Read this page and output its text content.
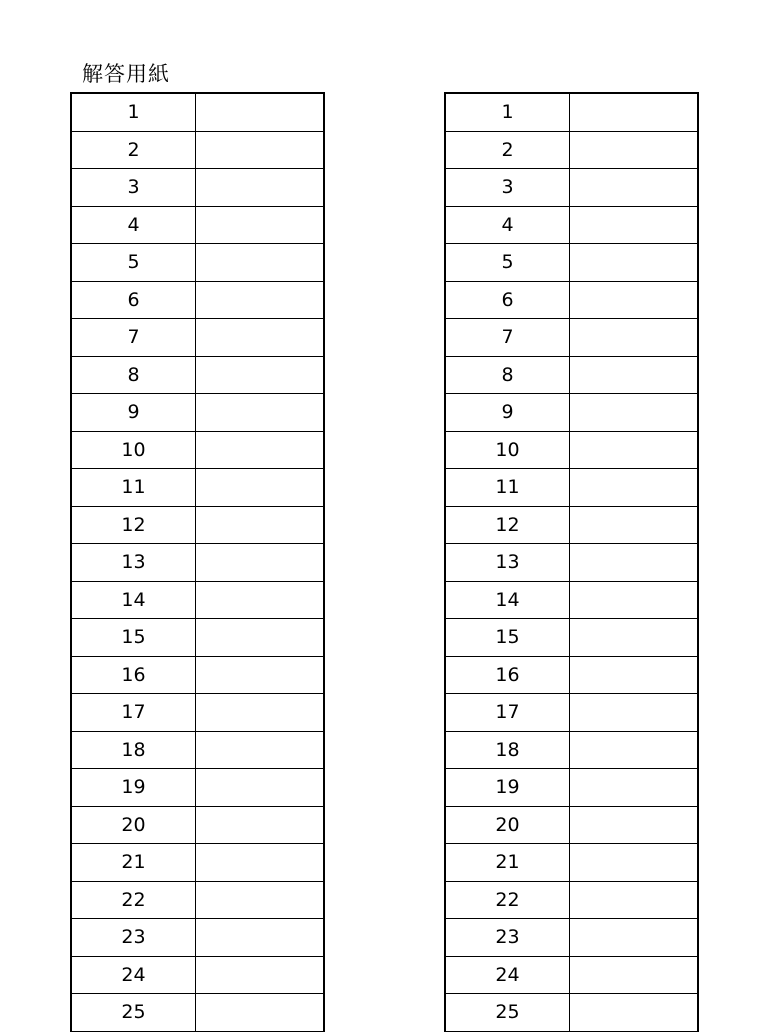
解答用紙
1
2
3
4
5
6
7
8
9
10
11
12
13
14
15
16
17
18
19
20
21
22
23
24
25
1
2
3
4
5
6
7
8
9
10
11
12
13
14
15
16
17
18
19
20
21
22
23
24
25
